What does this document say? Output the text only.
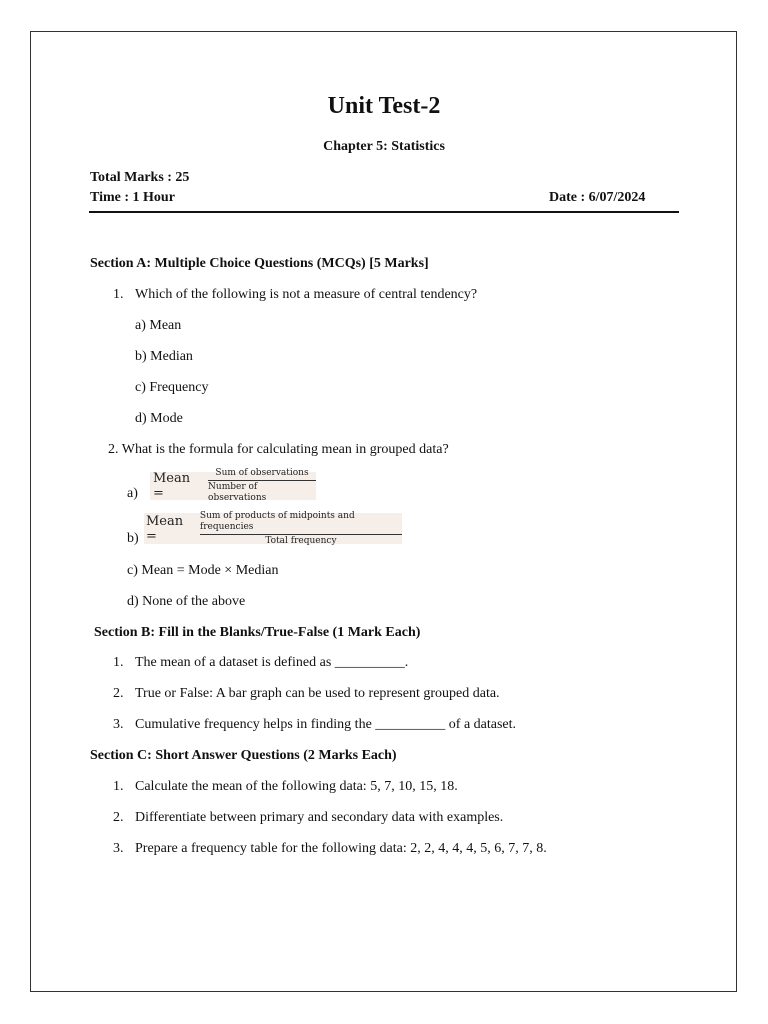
Unit Test-2
Chapter 5: Statistics
Total Marks : 25
Time : 1 Hour	Date : 6/07/2024
Section A: Multiple Choice Questions (MCQs) [5 Marks]
1. Which of the following is not a measure of central tendency?
a) Mean
b) Median
c) Frequency
d) Mode
2. What is the formula for calculating mean in grouped data?
a)
Mean =	$\frac{\text{Sum of observations}}{\text{Number of observations}}$
b)
Mean =	$\frac{\text{Sum of products of midpoints and frequencies}}{\text{Total frequency}}$
c) Mean = Mode × Median
d) None of the above
Section B: Fill in the Blanks/True-False (1 Mark Each)
1. The mean of a dataset is defined as __________.
2. True or False: A bar graph can be used to represent grouped data.
3. Cumulative frequency helps in finding the __________ of a dataset.
Section C: Short Answer Questions (2 Marks Each)
1. Calculate the mean of the following data: 5, 7, 10, 15, 18.
2. Differentiate between primary and secondary data with examples.
3. Prepare a frequency table for the following data: 2, 2, 4, 4, 4, 5, 6, 7, 7, 8.
